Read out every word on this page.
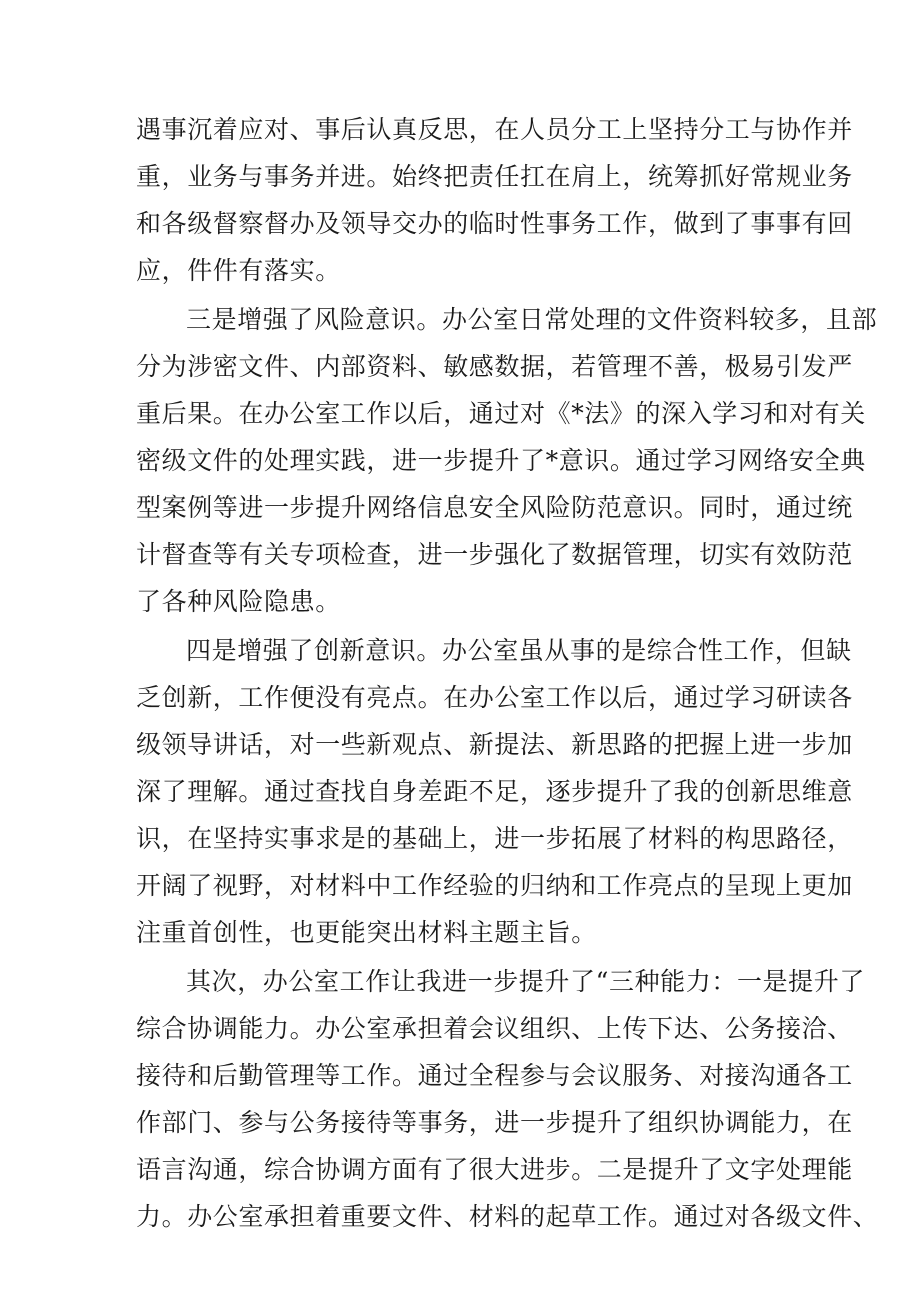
遇事沉着应对、事后认真反思，在人员分工上坚持分工与协作并
重，业务与事务并进。始终把责任扛在肩上，统筹抓好常规业务
和各级督察督办及领导交办的临时性事务工作，做到了事事有回
应，件件有落实。
三是增强了风险意识。办公室日常处理的文件资料较多，且部
分为涉密文件、内部资料、敏感数据，若管理不善，极易引发严
重后果。在办公室工作以后，通过对《*法》的深入学习和对有关
密级文件的处理实践，进一步提升了*意识。通过学习网络安全典
型案例等进一步提升网络信息安全风险防范意识。同时，通过统
计督查等有关专项检查，进一步强化了数据管理，切实有效防范
了各种风险隐患。
四是增强了创新意识。办公室虽从事的是综合性工作，但缺
乏创新，工作便没有亮点。在办公室工作以后，通过学习研读各
级领导讲话，对一些新观点、新提法、新思路的把握上进一步加
深了理解。通过查找自身差距不足，逐步提升了我的创新思维意
识，在坚持实事求是的基础上，进一步拓展了材料的构思路径，
开阔了视野，对材料中工作经验的归纳和工作亮点的呈现上更加
注重首创性，也更能突出材料主题主旨。
其次，办公室工作让我进一步提升了“三种能力：一是提升了
综合协调能力。办公室承担着会议组织、上传下达、公务接洽、
接待和后勤管理等工作。通过全程参与会议服务、对接沟通各工
作部门、参与公务接待等事务，进一步提升了组织协调能力，在
语言沟通，综合协调方面有了很大进步。二是提升了文字处理能
力。办公室承担着重要文件、材料的起草工作。通过对各级文件、
